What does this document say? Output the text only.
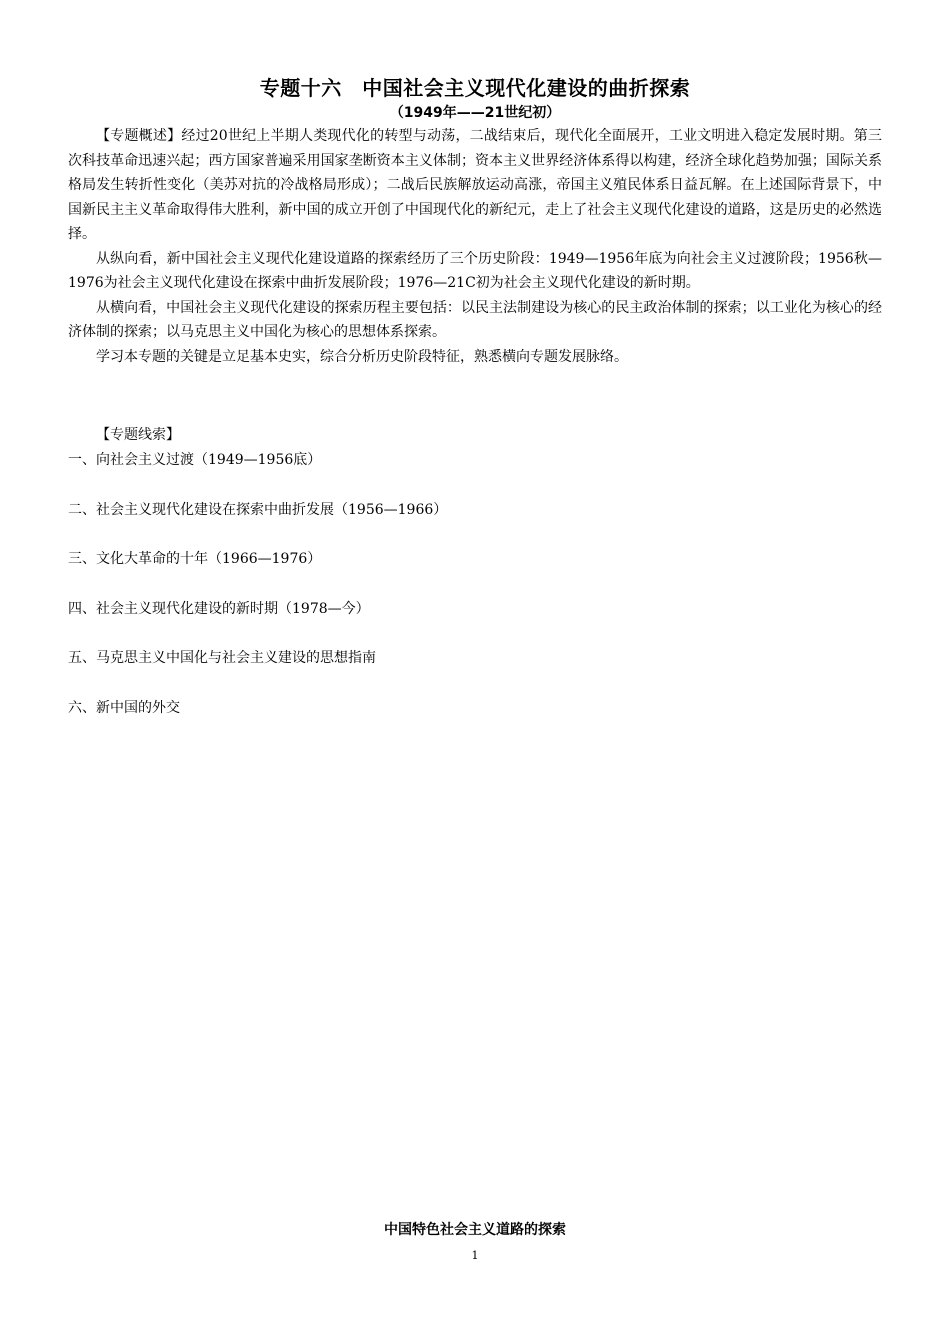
专题十六　中国社会主义现代化建设的曲折探索
（1949年——21世纪初）

【专题概述】经过20世纪上半期人类现代化的转型与动荡，二战结束后，现代化全面展开，工业文明进入稳定发展时期。第三次科技革命迅速兴起；西方国家普遍采用国家垄断资本主义体制；资本主义世界经济体系得以构建，经济全球化趋势加强；国际关系格局发生转折性变化（美苏对抗的冷战格局形成）；二战后民族解放运动高涨，帝国主义殖民体系日益瓦解。在上述国际背景下，中国新民主主义革命取得伟大胜利，新中国的成立开创了中国现代化的新纪元，走上了社会主义现代化建设的道路，这是历史的必然选择。

从纵向看，新中国社会主义现代化建设道路的探索经历了三个历史阶段：1949—1956年底为向社会主义过渡阶段；1956秋—1976为社会主义现代化建设在探索中曲折发展阶段；1976—21C初为社会主义现代化建设的新时期。

从横向看，中国社会主义现代化建设的探索历程主要包括：以民主法制建设为核心的民主政治体制的探索；以工业化为核心的经济体制的探索；以马克思主义中国化为核心的思想体系探索。

学习本专题的关键是立足基本史实，综合分析历史阶段特征，熟悉横向专题发展脉络。

【专题线索】
一、向社会主义过渡（1949—1956底）
二、社会主义现代化建设在探索中曲折发展（1956—1966）
三、文化大革命的十年（1966—1976）
四、社会主义现代化建设的新时期（1978—今）
五、马克思主义中国化与社会主义建设的思想指南
六、新中国的外交
中国特色社会主义道路的探索
1
